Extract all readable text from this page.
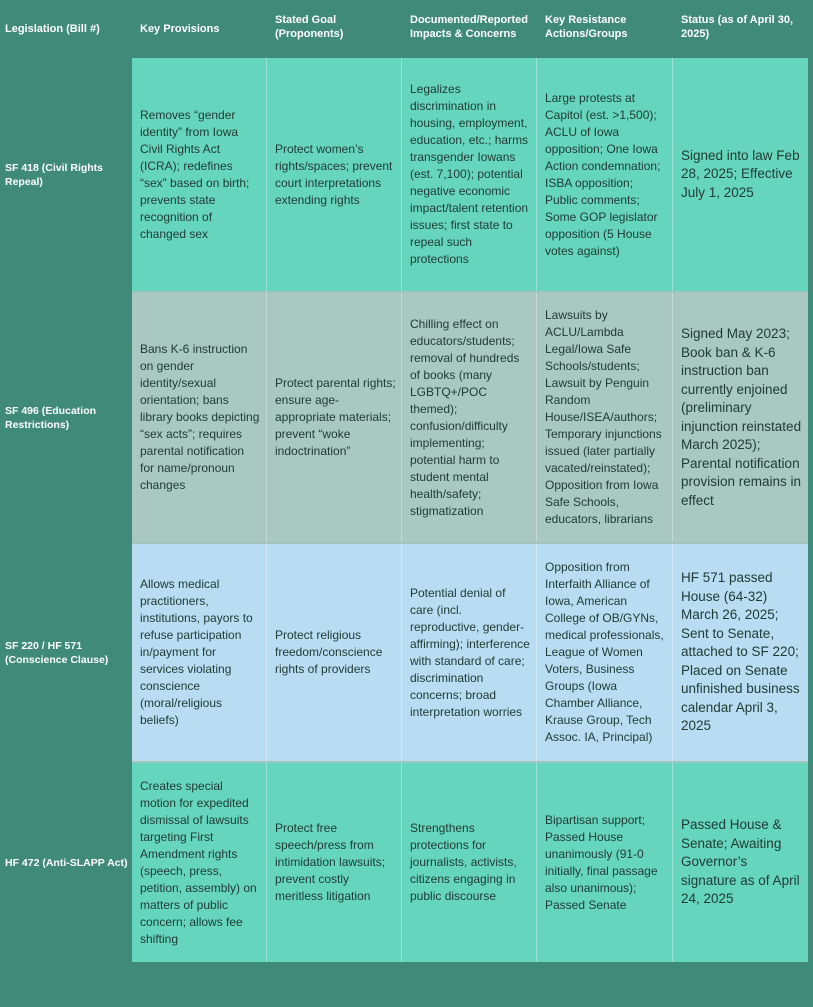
Legislation (Bill #)	Key Provisions
Stated Goal (Proponents)
Documented/Reported Impacts & Concerns
Key Resistance Actions/Groups
Status (as of April 30, 2025)
SF 418 (Civil Rights Repeal)
Removes “gender identity” from Iowa Civil Rights Act (ICRA); redefines “sex” based on birth; prevents state recognition of changed sex
Protect women’s rights/spaces; prevent court interpretations extending rights
Legalizes discrimination in housing, employment, education, etc.; harms transgender Iowans (est. 7,100); potential negative economic impact/talent retention issues; first state to repeal such protections
Large protests at Capitol (est. >1,500); ACLU of Iowa opposition; One Iowa Action condemnation; ISBA opposition; Public comments; Some GOP legislator opposition (5 House votes against)
Signed into law Feb 28, 2025; Effective July 1, 2025
SF 496 (Education Restrictions)
Bans K-6 instruction on gender identity/sexual orientation; bans library books depicting “sex acts”; requires parental notification for name/pronoun changes
Protect parental rights; ensure age-appropriate materials; prevent “woke indoctrination”
Chilling effect on educators/students; removal of hundreds of books (many LGBTQ+/POC themed); confusion/difficulty implementing; potential harm to student mental health/safety; stigmatization
Lawsuits by ACLU/Lambda Legal/Iowa Safe Schools/students; Lawsuit by Penguin Random House/ISEA/authors; Temporary injunctions issued (later partially vacated/reinstated); Opposition from Iowa Safe Schools, educators, librarians
Signed May 2023; Book ban & K-6 instruction ban currently enjoined (preliminary injunction reinstated March 2025); Parental notification provision remains in effect
SF 220 / HF 571 (Conscience Clause)
Allows medical practitioners, institutions, payors to refuse participation in/payment for services violating conscience (moral/religious beliefs)
Protect religious freedom/conscience rights of providers
Potential denial of care (incl. reproductive, gender-affirming); interference with standard of care; discrimination concerns; broad interpretation worries
Opposition from Interfaith Alliance of Iowa, American College of OB/GYNs, medical professionals, League of Women Voters, Business Groups (Iowa Chamber Alliance, Krause Group, Tech Assoc. IA, Principal)
HF 571 passed House (64-32) March 26, 2025; Sent to Senate, attached to SF 220; Placed on Senate unfinished business calendar April 3, 2025
HF 472 (Anti-SLAPP Act)
Creates special motion for expedited dismissal of lawsuits targeting First Amendment rights (speech, press, petition, assembly) on matters of public concern; allows fee shifting
Protect free speech/press from intimidation lawsuits; prevent costly meritless litigation
Strengthens protections for journalists, activists, citizens engaging in public discourse
Bipartisan support; Passed House unanimously (91-0 initially, final passage also unanimous); Passed Senate
Passed House & Senate; Awaiting Governor’s signature as of April 24, 2025
